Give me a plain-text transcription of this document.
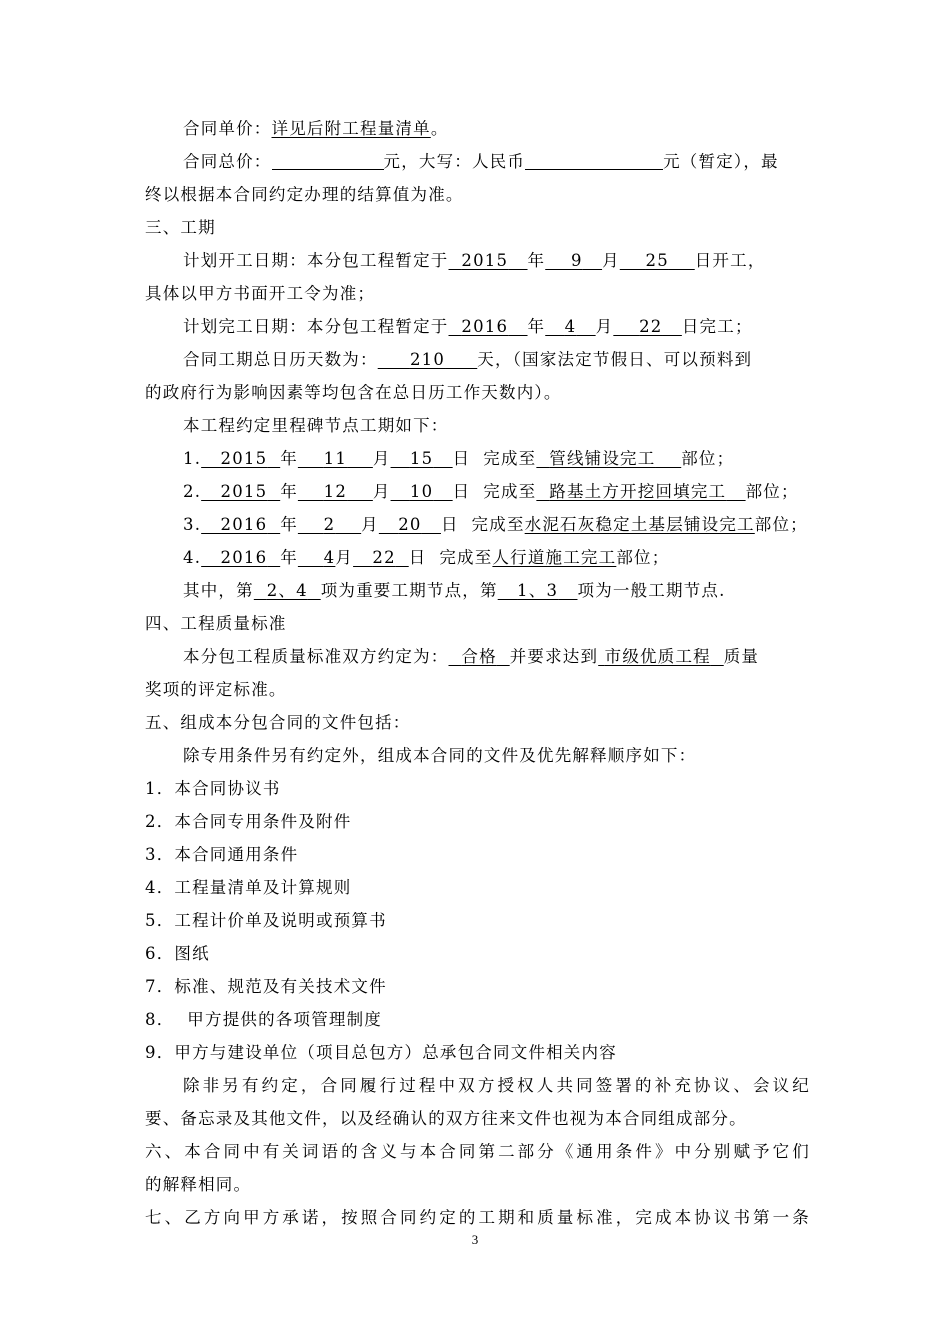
合同单价：详见后附工程量清单。
合同总价：	元，大写：人民币	元（暂定），最
终以根据本合同约定办理的结算值为准。
三、工期
计划开工日期：本分包工程暂定于 2015 年 9 月 25 日开工，
具体以甲方书面开工令为准；
计划完工日期：本分包工程暂定于 2016 年 4 月 22 日完工；
合同工期总日历天数为： 210 天，（国家法定节假日、可以预料到
的政府行为影响因素等均包含在总日历工作天数内）。
本工程约定里程碑节点工期如下：
1. 2015 年 11 月 15 日 完成至 管线铺设完工 部位；
2. 2015 年 12 月 10 日 完成至 路基土方开挖回填完工 部位；
3. 2016 年 2 月 20 日 完成至水泥石灰稳定土基层铺设完工部位；
4. 2016 年 4月 22 日 完成至人行道施工完工部位；
其中，第 2、4 项为重要工期节点，第 1、3 项为一般工期节点.
四、工程质量标准
本分包工程质量标准双方约定为： 合格 并要求达到 市级优质工程 质量
奖项的评定标准。
五、组成本分包合同的文件包括：
除专用条件另有约定外，组成本合同的文件及优先解释顺序如下：
1．本合同协议书
2．本合同专用条件及附件
3．本合同通用条件
4．工程量清单及计算规则
5．工程计价单及说明或预算书
6．图纸
7．标准、规范及有关技术文件
8．  甲方提供的各项管理制度
9．甲方与建设单位（项目总包方）总承包合同文件相关内容
除非另有约定，合同履行过程中双方授权人共同签署的补充协议、会议纪
要、备忘录及其他文件，以及经确认的双方往来文件也视为本合同组成部分。
六、本合同中有关词语的含义与本合同第二部分《通用条件》中分别赋予它们
的解释相同。
七、乙方向甲方承诺，按照合同约定的工期和质量标准，完成本协议书第一条
3
